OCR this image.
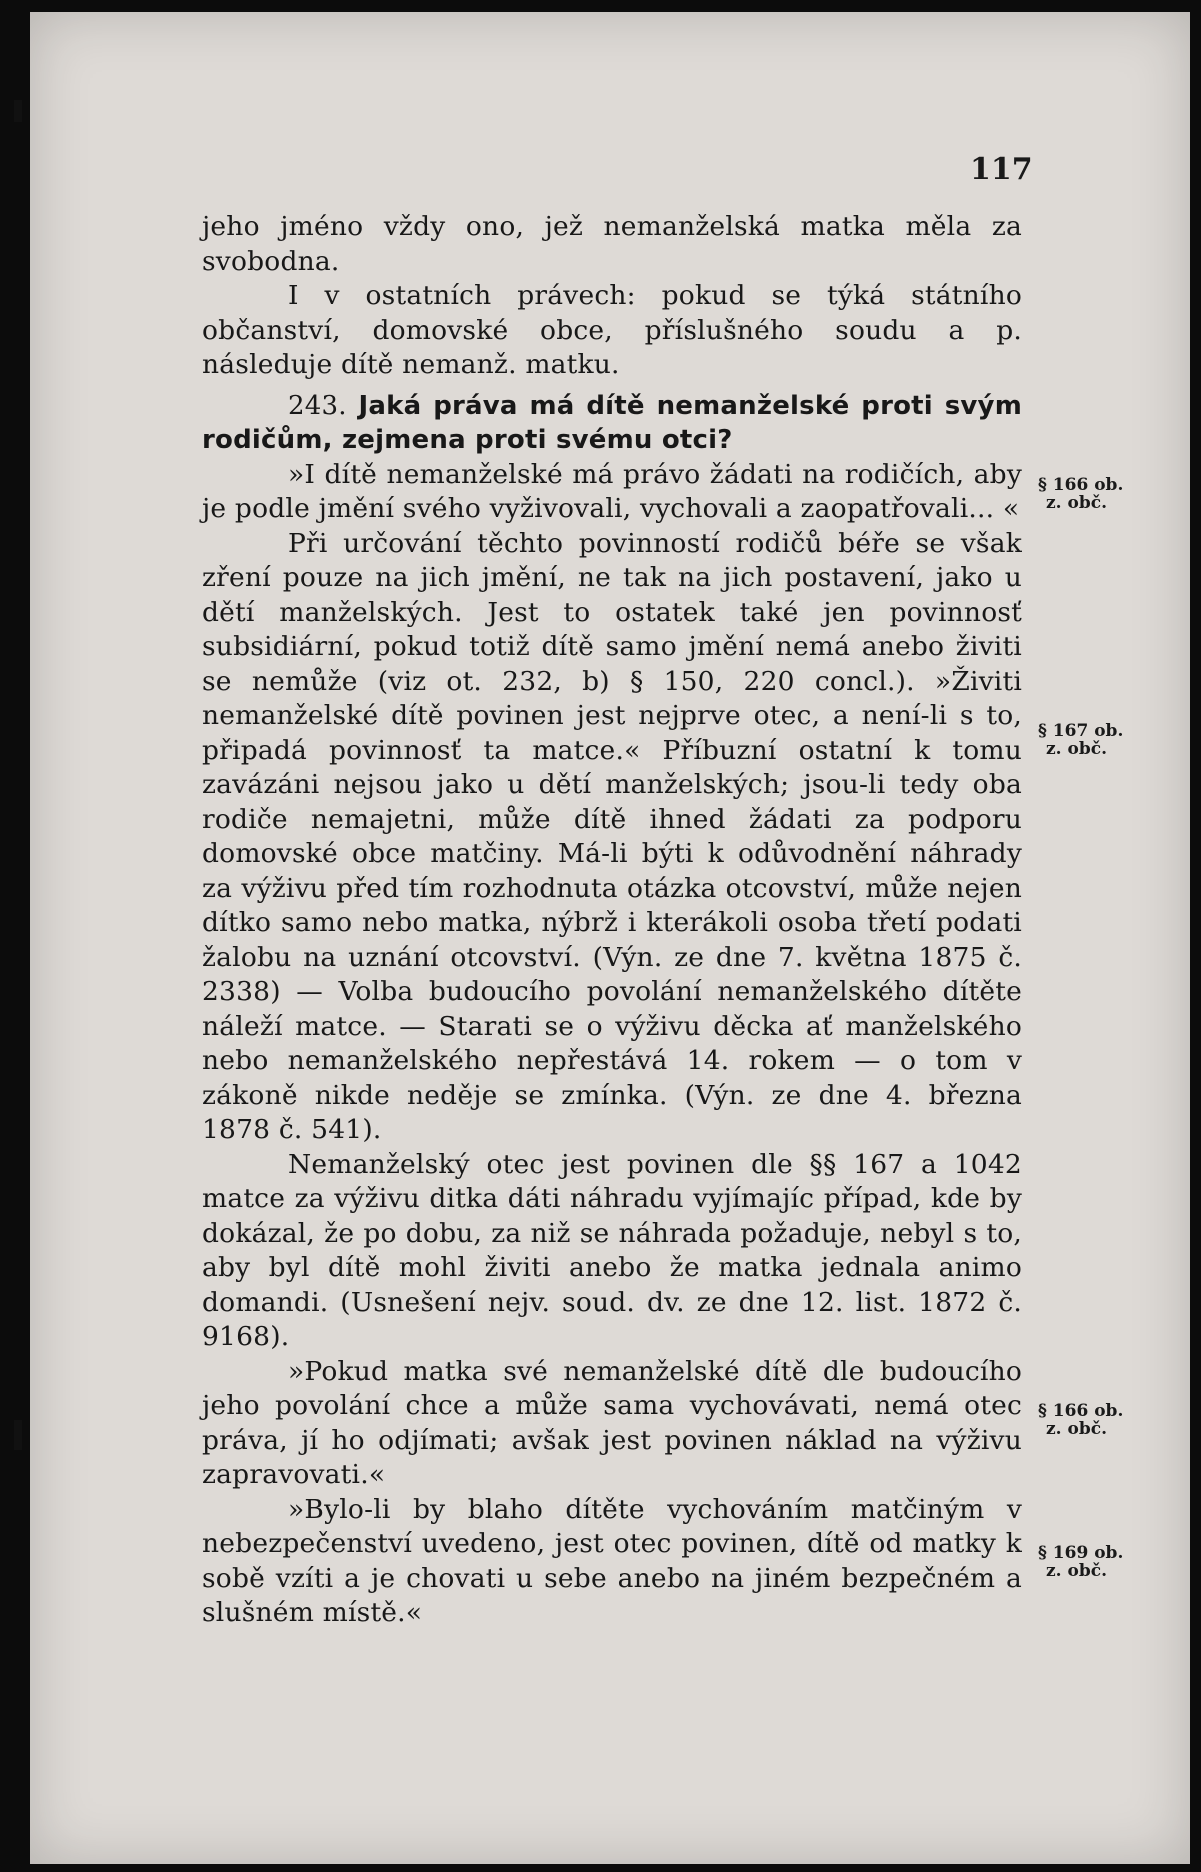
117

jeho jméno vždy ono, jež nemanželská matka měla za svobodna.

I v ostatních právech: pokud se týká státního občanství, domovské obce, příslušného soudu a p. následuje dítě nemanž. matku.

243. Jaká práva má dítě nemanželské proti svým rodičům, zejmena proti svému otci?

»I dítě nemanželské má právo žádati na rodičích, aby je podle jmění svého vyživovali, vychovali a zaopatřovali... «

Při určování těchto povinností rodičů béře se však zření pouze na jich jmění, ne tak na jich postavení, jako u dětí manželských. Jest to ostatek také jen povinnosť subsidiární, pokud totiž dítě samo jmění nemá anebo živiti se nemůže (viz ot. 232, b) § 150, 220 concl.). »Živiti nemanželské dítě povinen jest nejprve otec, a není-li s to, připadá povinnosť ta matce.« Příbuzní ostatní k tomu zavázáni nejsou jako u dětí manželských; jsou-li tedy oba rodiče nemajetni, může dítě ihned žádati za podporu domovské obce matčiny. Má-li býti k odůvodnění náhrady za výživu před tím rozhodnuta otázka otcovství, může nejen dítko samo nebo matka, nýbrž i kterákoli osoba třetí podati žalobu na uznání otcovství. (Výn. ze dne 7. května 1875 č. 2338) — Volba budoucího povolání nemanželského dítěte náleží matce. — Starati se o výživu děcka ať manželského nebo nemanželského nepřestává 14. rokem — o tom v zákoně nikde neděje se zmínka. (Výn. ze dne 4. března 1878 č. 541).

Nemanželský otec jest povinen dle §§ 167 a 1042 matce za výživu ditka dáti náhradu vyjímajíc případ, kde by dokázal, že po dobu, za niž se náhrada požaduje, nebyl s to, aby byl dítě mohl živiti anebo že matka jednala animo domandi. (Usnešení nejv. soud. dv. ze dne 12. list. 1872 č. 9168).

»Pokud matka své nemanželské dítě dle budoucího jeho povolání chce a může sama vychovávati, nemá otec práva, jí ho odjímati; avšak jest povinen náklad na výživu zapravovati.«

»Bylo-li by blaho dítěte vychováním matčiným v nebezpečenství uvedeno, jest otec povinen, dítě od matky k sobě vzíti a je chovati u sebe anebo na jiném bezpečném a slušném místě.«

§ 166 ob.
z. obč.
§ 167 ob.
z. obč.
§ 166 ob.
z. obč.
§ 169 ob.
z. obč.
